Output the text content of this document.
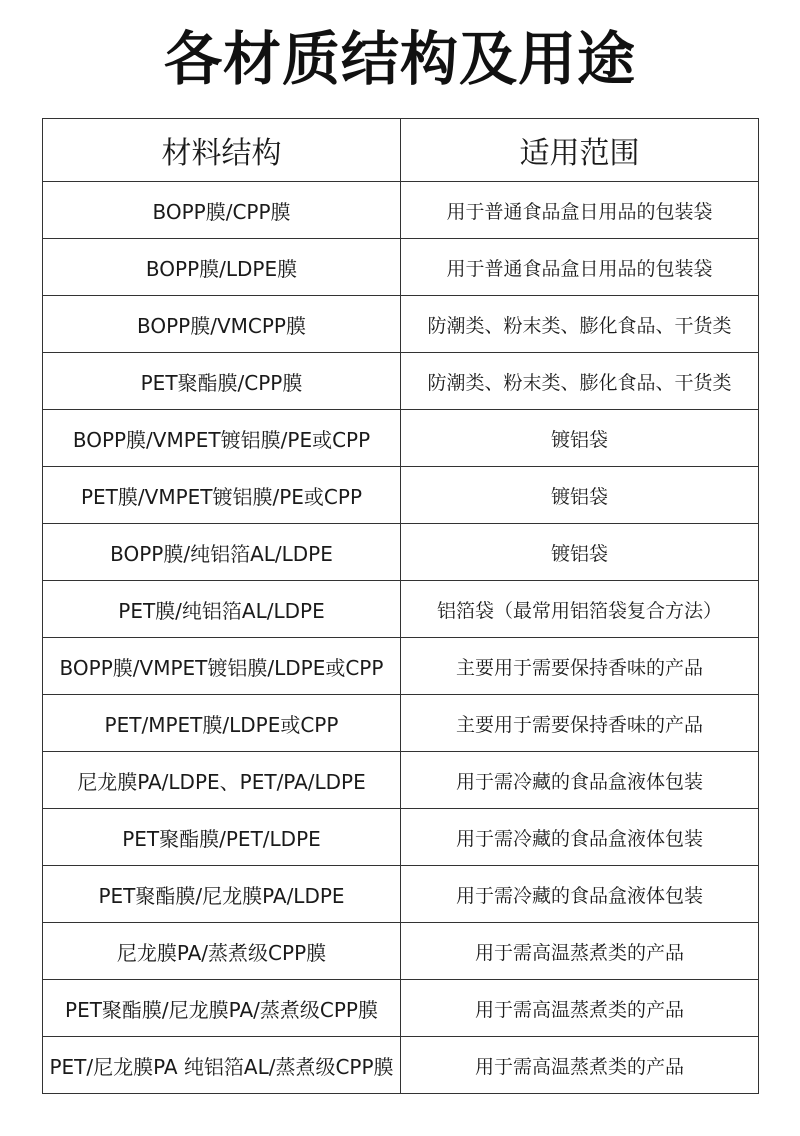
各材质结构及用途
材料结构	适用范围
BOPP膜/CPP膜	用于普通食品盒日用品的包装袋
BOPP膜/LDPE膜	用于普通食品盒日用品的包装袋
BOPP膜/VMCPP膜	防潮类、粉末类、膨化食品、干货类
PET聚酯膜/CPP膜	防潮类、粉末类、膨化食品、干货类
BOPP膜/VMPET镀铝膜/PE或CPP	镀铝袋
PET膜/VMPET镀铝膜/PE或CPP	镀铝袋
BOPP膜/纯铝箔AL/LDPE	镀铝袋
PET膜/纯铝箔AL/LDPE	铝箔袋（最常用铝箔袋复合方法）
BOPP膜/VMPET镀铝膜/LDPE或CPP	主要用于需要保持香味的产品
PET/MPET膜/LDPE或CPP	主要用于需要保持香味的产品
尼龙膜PA/LDPE、PET/PA/LDPE	用于需冷藏的食品盒液体包装
PET聚酯膜/PET/LDPE	用于需冷藏的食品盒液体包装
PET聚酯膜/尼龙膜PA/LDPE	用于需冷藏的食品盒液体包装
尼龙膜PA/蒸煮级CPP膜	用于需高温蒸煮类的产品
PET聚酯膜/尼龙膜PA/蒸煮级CPP膜	用于需高温蒸煮类的产品
PET/尼龙膜PA 纯铝箔AL/蒸煮级CPP膜	用于需高温蒸煮类的产品
